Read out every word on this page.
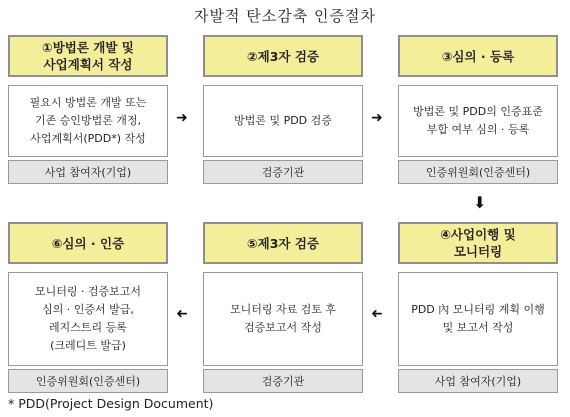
자발적 탄소감축 인증절차
①방법론 개발 및
사업계획서 작성
필요시 방법론 개발 또는
기존 승인방법론 개정,
사업계획서(PDD*) 작성
사업 참여자(기업)
➜
②제3자 검증
방법론 및 PDD 검증
검증기관
➜
③심의 · 등록
방법론 및 PDD의 인증표준
부합 여부 심의 · 등록
인증위원회(인증센터)
⬇
⑥심의 · 인증
모니터링 · 검증보고서
심의 · 인증서 발급,
레지스트리 등록
(크레디트 발급)
인증위원회(인증센터)
➜
⑤제3자 검증
모니터링 자료 검토 후
검증보고서 작성
검증기관
➜
④사업이행 및
모니터링
PDD 內 모니터링 계획 이행
및 보고서 작성
사업 참여자(기업)
* PDD(Project Design Document)
